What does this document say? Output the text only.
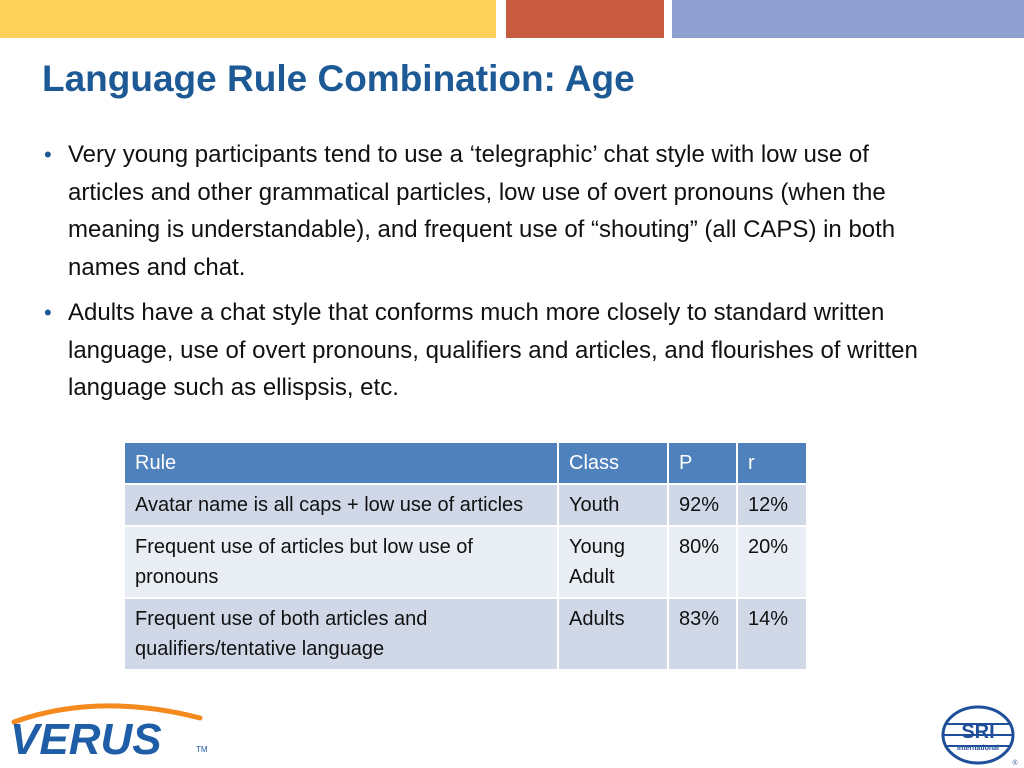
Language Rule Combination: Age
• Very young participants tend to use a ‘telegraphic’ chat style with low use of articles and other grammatical particles, low use of overt pronouns (when the meaning is understandable), and frequent use of “shouting” (all CAPS) in both names and chat.
• Adults have a chat style that conforms much more closely to standard written language, use of overt pronouns, qualifiers and articles, and flourishes of written language such as ellispsis, etc.
Rule	Class	P	r
Avatar name is all caps + low use of articles	Youth	92%	12%
Frequent use of articles but low use of pronouns	Young Adult	80%	20%
Frequent use of both articles and qualifiers/tentative language	Adults	83%	14%
VERUS	TM
SRI
International
®
